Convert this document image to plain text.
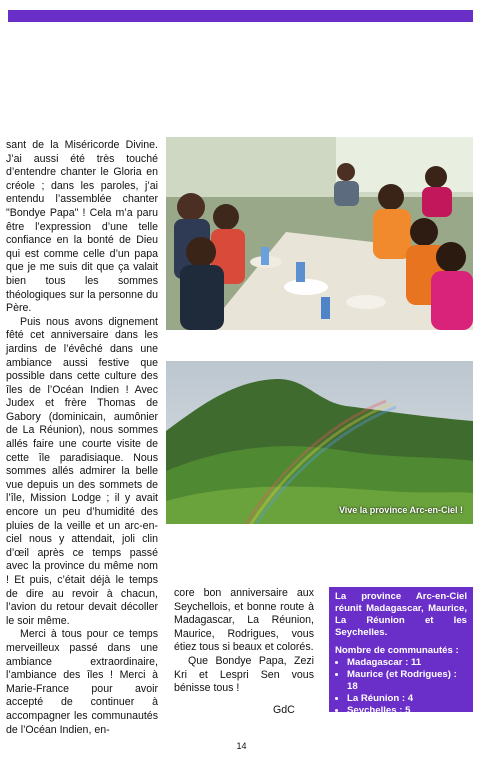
sant de la Miséricorde Divine. J’ai aussi été très touché d’entendre chanter le Gloria en créole ; dans les paroles, j’ai entendu l’assemblée chanter "Bondye Papa" ! Cela m’a paru être l’expression d’une telle confiance en la bonté de Dieu qui est comme celle d’un papa que je me suis dit que ça valait bien tous les sommes théologiques sur la personne du Père.

Puis nous avons dignement fêté cet anniversaire dans les jardins de l’évêché dans une ambiance aussi festive que possible dans cette culture des îles de l’Océan Indien ! Avec Judex et frère Thomas de Gabory (dominicain, aumônier de La Réunion), nous sommes allés faire une courte visite de cette île paradisiaque. Nous sommes allés admirer la belle vue depuis un des sommets de l’île, Mission Lodge ; il y avait encore un peu d’humidité des pluies de la veille et un arc-en-ciel nous y attendait, joli clin d’œil après ce temps passé avec la province du même nom ! Et puis, c’était déjà le temps de dire au revoir à chacun, l’avion du retour devait décoller le soir même.

Merci à tous pour ce temps merveilleux passé dans une ambiance extraordinaire, l’ambiance des îles ! Merci à Marie-France pour avoir accepté de continuer à accompagner les communautés de l’Océan Indien, en-

Vive la province Arc-en-Ciel !

core bon anniversaire aux Seychellois, et bonne route à Madagascar, La Réunion, Maurice, Rodrigues, vous étiez tous si beaux et colorés.

Que Bondye Papa, Zezi Kri et Lespri Sen vous bénisse tous !

GdC
La province Arc-en-Ciel réunit Madagascar, Maurice, La Réunion et les Seychelles.
Nombre de communautés :
• Madagascar : 11
• Maurice (et Rodrigues) : 18
• La Réunion : 4
• Seychelles : 5
14
